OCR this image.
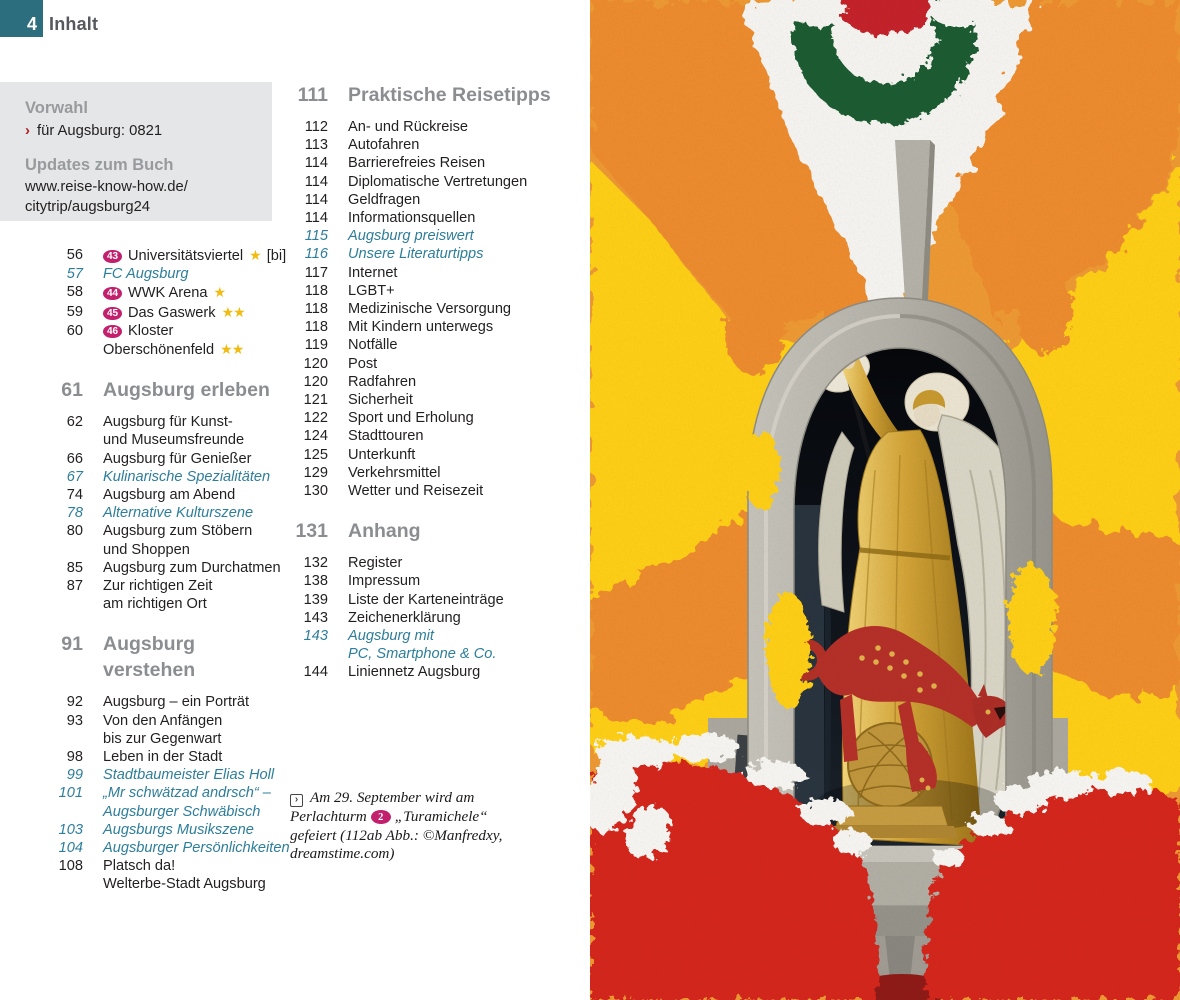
4 Inhalt
Vorwahl
› für Augsburg: 0821
Updates zum Buch
www.reise-know-how.de/
citytrip/augsburg24
56	43 Universitätsviertel ★ [bi]
57 FC Augsburg
58	44 WWK Arena ★
59	45 Das Gaswerk ★★
60	46 Kloster
Oberschönenfeld ★★
61	Augsburg erleben
62 Augsburg für Kunst-
und Museumsfreunde
66 Augsburg für Genießer
67 Kulinarische Spezialitäten
74 Augsburg am Abend
78 Alternative Kulturszene
80 Augsburg zum Stöbern
und Shoppen
85 Augsburg zum Durchatmen
87 Zur richtigen Zeit
am richtigen Ort
91	Augsburg verstehen
92 Augsburg – ein Porträt
93 Von den Anfängen
bis zur Gegenwart
98 Leben in der Stadt
99 Stadtbaumeister Elias Holl
101 „Mr schwätzad andrsch“ –
Augsburger Schwäbisch
103 Augsburgs Musikszene
104 Augsburger Persönlichkeiten
108 Platsch da!
Welterbe-Stadt Augsburg
111	Praktische Reisetipps
112 An- und Rückreise
113 Autofahren
114 Barrierefreies Reisen
114 Diplomatische Vertretungen
114 Geldfragen
114 Informationsquellen
115 Augsburg preiswert
116 Unsere Literaturtipps
117 Internet
118 LGBT+
118 Medizinische Versorgung
118 Mit Kindern unterwegs
119 Notfälle
120 Post
120 Radfahren
121 Sicherheit
122 Sport und Erholung
124 Stadttouren
125 Unterkunft
129 Verkehrsmittel
130 Wetter und Reisezeit
131	Anhang
132 Register
138 Impressum
139 Liste der Karteneinträge
143 Zeichenerklärung
143 Augsburg mit
PC, Smartphone & Co.
144 Liniennetz Augsburg
› Am 29. September wird am
Perlachturm 2 „Turamichele“
gefeiert (112ab Abb.: ©Manfredxy,
dreamstime.com)
